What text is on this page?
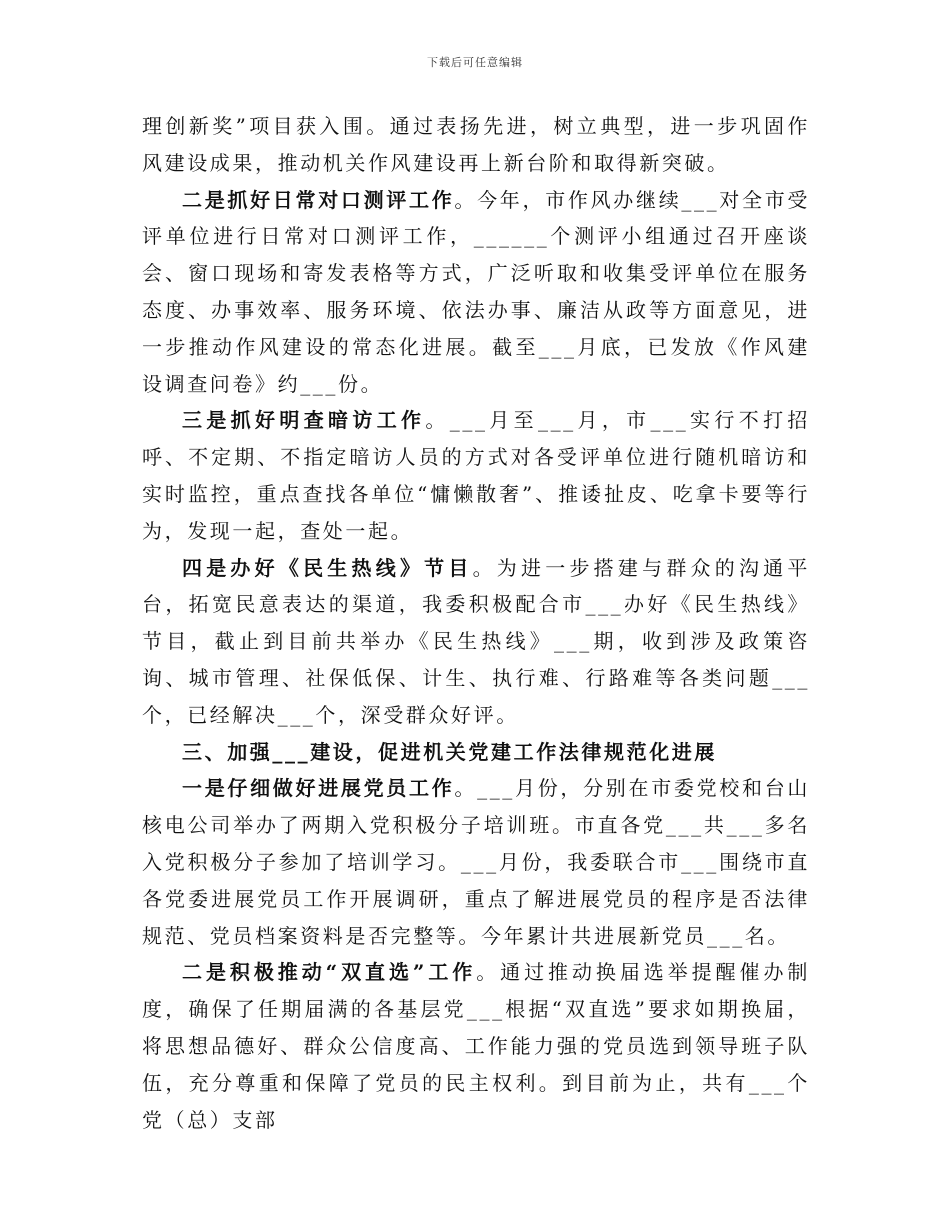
下载后可任意编辑

理创新奖”项目获入围。通过表扬先进，树立典型，进一步巩固作风建设成果，推动机关作风建设再上新台阶和取得新突破。

二是抓好日常对口测评工作。今年，市作风办继续___对全市受评单位进行日常对口测评工作，______个测评小组通过召开座谈会、窗口现场和寄发表格等方式，广泛听取和收集受评单位在服务态度、办事效率、服务环境、依法办事、廉洁从政等方面意见，进一步推动作风建设的常态化进展。截至___月底，已发放《作风建设调查问卷》约___份。

三是抓好明查暗访工作。___月至___月，市___实行不打招呼、不定期、不指定暗访人员的方式对各受评单位进行随机暗访和实时监控，重点查找各单位“慵懒散奢”、推诿扯皮、吃拿卡要等行为，发现一起，查处一起。

四是办好《民生热线》节目。为进一步搭建与群众的沟通平台，拓宽民意表达的渠道，我委积极配合市___办好《民生热线》节目，截止到目前共举办《民生热线》___期，收到涉及政策咨询、城市管理、社保低保、计生、执行难、行路难等各类问题___个，已经解决___个，深受群众好评。

三、加强___建设，促进机关党建工作法律规范化进展

一是仔细做好进展党员工作。___月份，分别在市委党校和台山核电公司举办了两期入党积极分子培训班。市直各党___共___多名入党积极分子参加了培训学习。___月份，我委联合市___围绕市直各党委进展党员工作开展调研，重点了解进展党员的程序是否法律规范、党员档案资料是否完整等。今年累计共进展新党员___名。

二是积极推动“双直选”工作。通过推动换届选举提醒催办制度，确保了任期届满的各基层党___根据“双直选”要求如期换届，将思想品德好、群众公信度高、工作能力强的党员选到领导班子队伍，充分尊重和保障了党员的民主权利。到目前为止，共有___个党（总）支部
